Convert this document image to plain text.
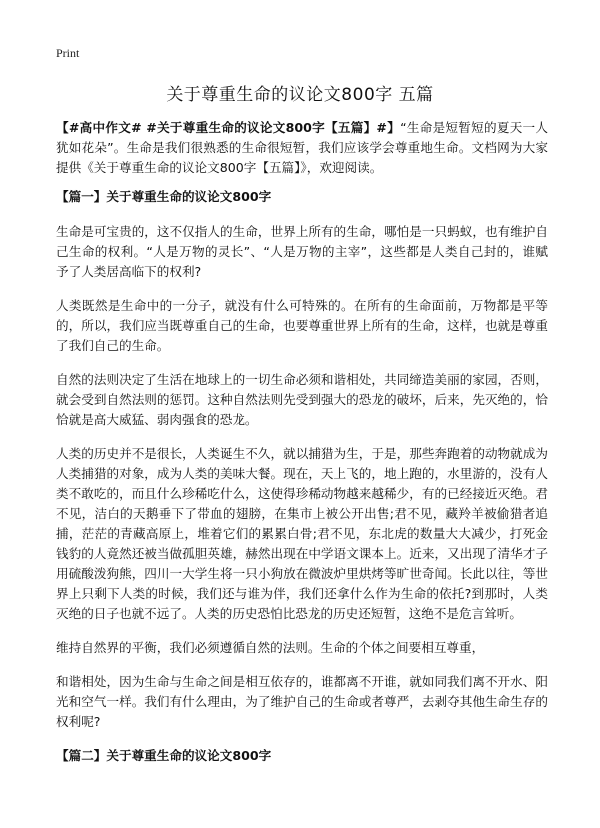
Print
关于尊重生命的议论文800字 五篇

【#高中作文# #关于尊重生命的议论文800字【五篇】#】“生命是短暂短的夏天一人犹如花朵”。生命是我们很熟悉的生命很短暂，我们应该学会尊重地生命。文档网为大家提供《关于尊重生命的议论文800字【五篇】》，欢迎阅读。

【篇一】关于尊重生命的议论文800字

生命是可宝贵的，这不仅指人的生命，世界上所有的生命，哪怕是一只蚂蚁，也有维护自己生命的权利。“人是万物的灵长”、“人是万物的主宰”，这些都是人类自己封的，谁赋予了人类居高临下的权利?

人类既然是生命中的一分子，就没有什么可特殊的。在所有的生命面前，万物都是平等的，所以，我们应当既尊重自己的生命，也要尊重世界上所有的生命，这样，也就是尊重了我们自己的生命。

自然的法则决定了生活在地球上的一切生命必须和谐相处，共同缔造美丽的家园，否则，就会受到自然法则的惩罚。这种自然法则先受到强大的恐龙的破坏，后来，先灭绝的，恰恰就是高大威猛、弱肉强食的恐龙。

人类的历史并不是很长，人类诞生不久，就以捕猎为生，于是，那些奔跑着的动物就成为人类捕猎的对象，成为人类的美味大餐。现在，天上飞的，地上跑的，水里游的，没有人类不敢吃的，而且什么珍稀吃什么，这使得珍稀动物越来越稀少，有的已经接近灭绝。君不见，洁白的天鹅垂下了带血的翅膀，在集市上被公开出售;君不见，藏羚羊被偷猎者追捕，茫茫的青藏高原上，堆着它们的累累白骨;君不见，东北虎的数量大大减少，打死金钱豹的人竟然还被当做孤胆英雄，赫然出现在中学语文课本上。近来，又出现了清华才子用硫酸泼狗熊，四川一大学生将一只小狗放在微波炉里烘烤等旷世奇闻。长此以往，等世界上只剩下人类的时候，我们还与谁为伴，我们还拿什么作为生命的依托?到那时，人类灭绝的日子也就不远了。人类的历史恐怕比恐龙的历史还短暂，这绝不是危言耸听。

维持自然界的平衡，我们必须遵循自然的法则。生命的个体之间要相互尊重，

和谐相处，因为生命与生命之间是相互依存的，谁都离不开谁，就如同我们离不开水、阳光和空气一样。我们有什么理由，为了维护自己的生命或者尊严，去剥夺其他生命生存的权利呢?

【篇二】关于尊重生命的议论文800字
